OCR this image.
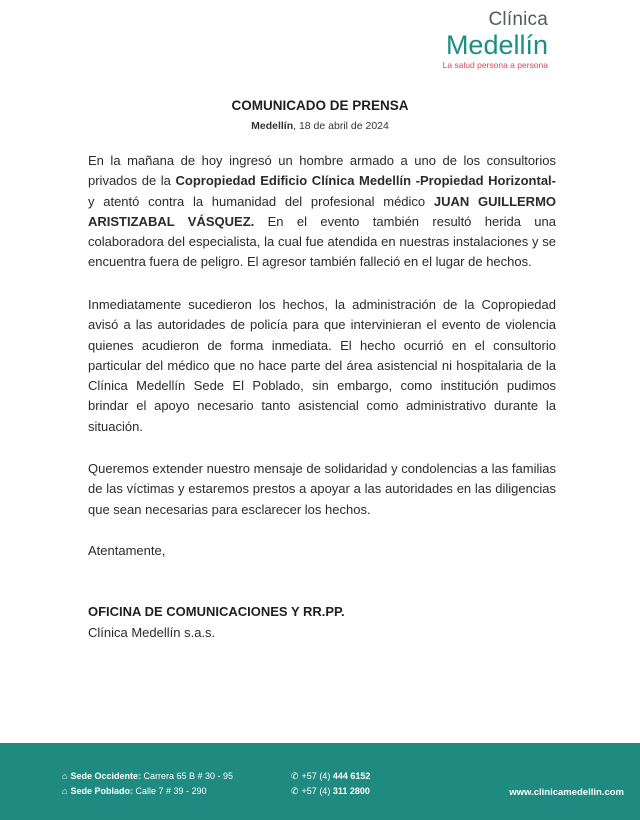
Clínica
Medellín
La salud persona a persona
COMUNICADO DE PRENSA
Medellín, 18 de abril de 2024
En la mañana de hoy ingresó un hombre armado a uno de los consultorios privados de la Copropiedad Edificio Clínica Medellín -Propiedad Horizontal- y atentó contra la humanidad del profesional médico JUAN GUILLERMO ARISTIZABAL VÁSQUEZ. En el evento también resultó herida una colaboradora del especialista, la cual fue atendida en nuestras instalaciones y se encuentra fuera de peligro. El agresor también falleció en el lugar de hechos.
Inmediatamente sucedieron los hechos, la administración de la Copropiedad avisó a las autoridades de policía para que intervinieran el evento de violencia quienes acudieron de forma inmediata. El hecho ocurrió en el consultorio particular del médico que no hace parte del área asistencial ni hospitalaria de la Clínica Medellín Sede El Poblado, sin embargo, como institución pudimos brindar el apoyo necesario tanto asistencial como administrativo durante la situación.
Queremos extender nuestro mensaje de solidaridad y condolencias a las familias de las víctimas y estaremos prestos a apoyar a las autoridades en las diligencias que sean necesarias para esclarecer los hechos.
Atentamente,
OFICINA DE COMUNICACIONES Y RR.PP.
Clínica Medellín s.a.s.
⌂ Sede Occidente: Carrera 65 B # 30 - 95
⌂ Sede Poblado: Calle 7 # 39 - 290
✆ +57 (4) 444 6152
✆ +57 (4) 311 2800	www.clinicamedellin.com
